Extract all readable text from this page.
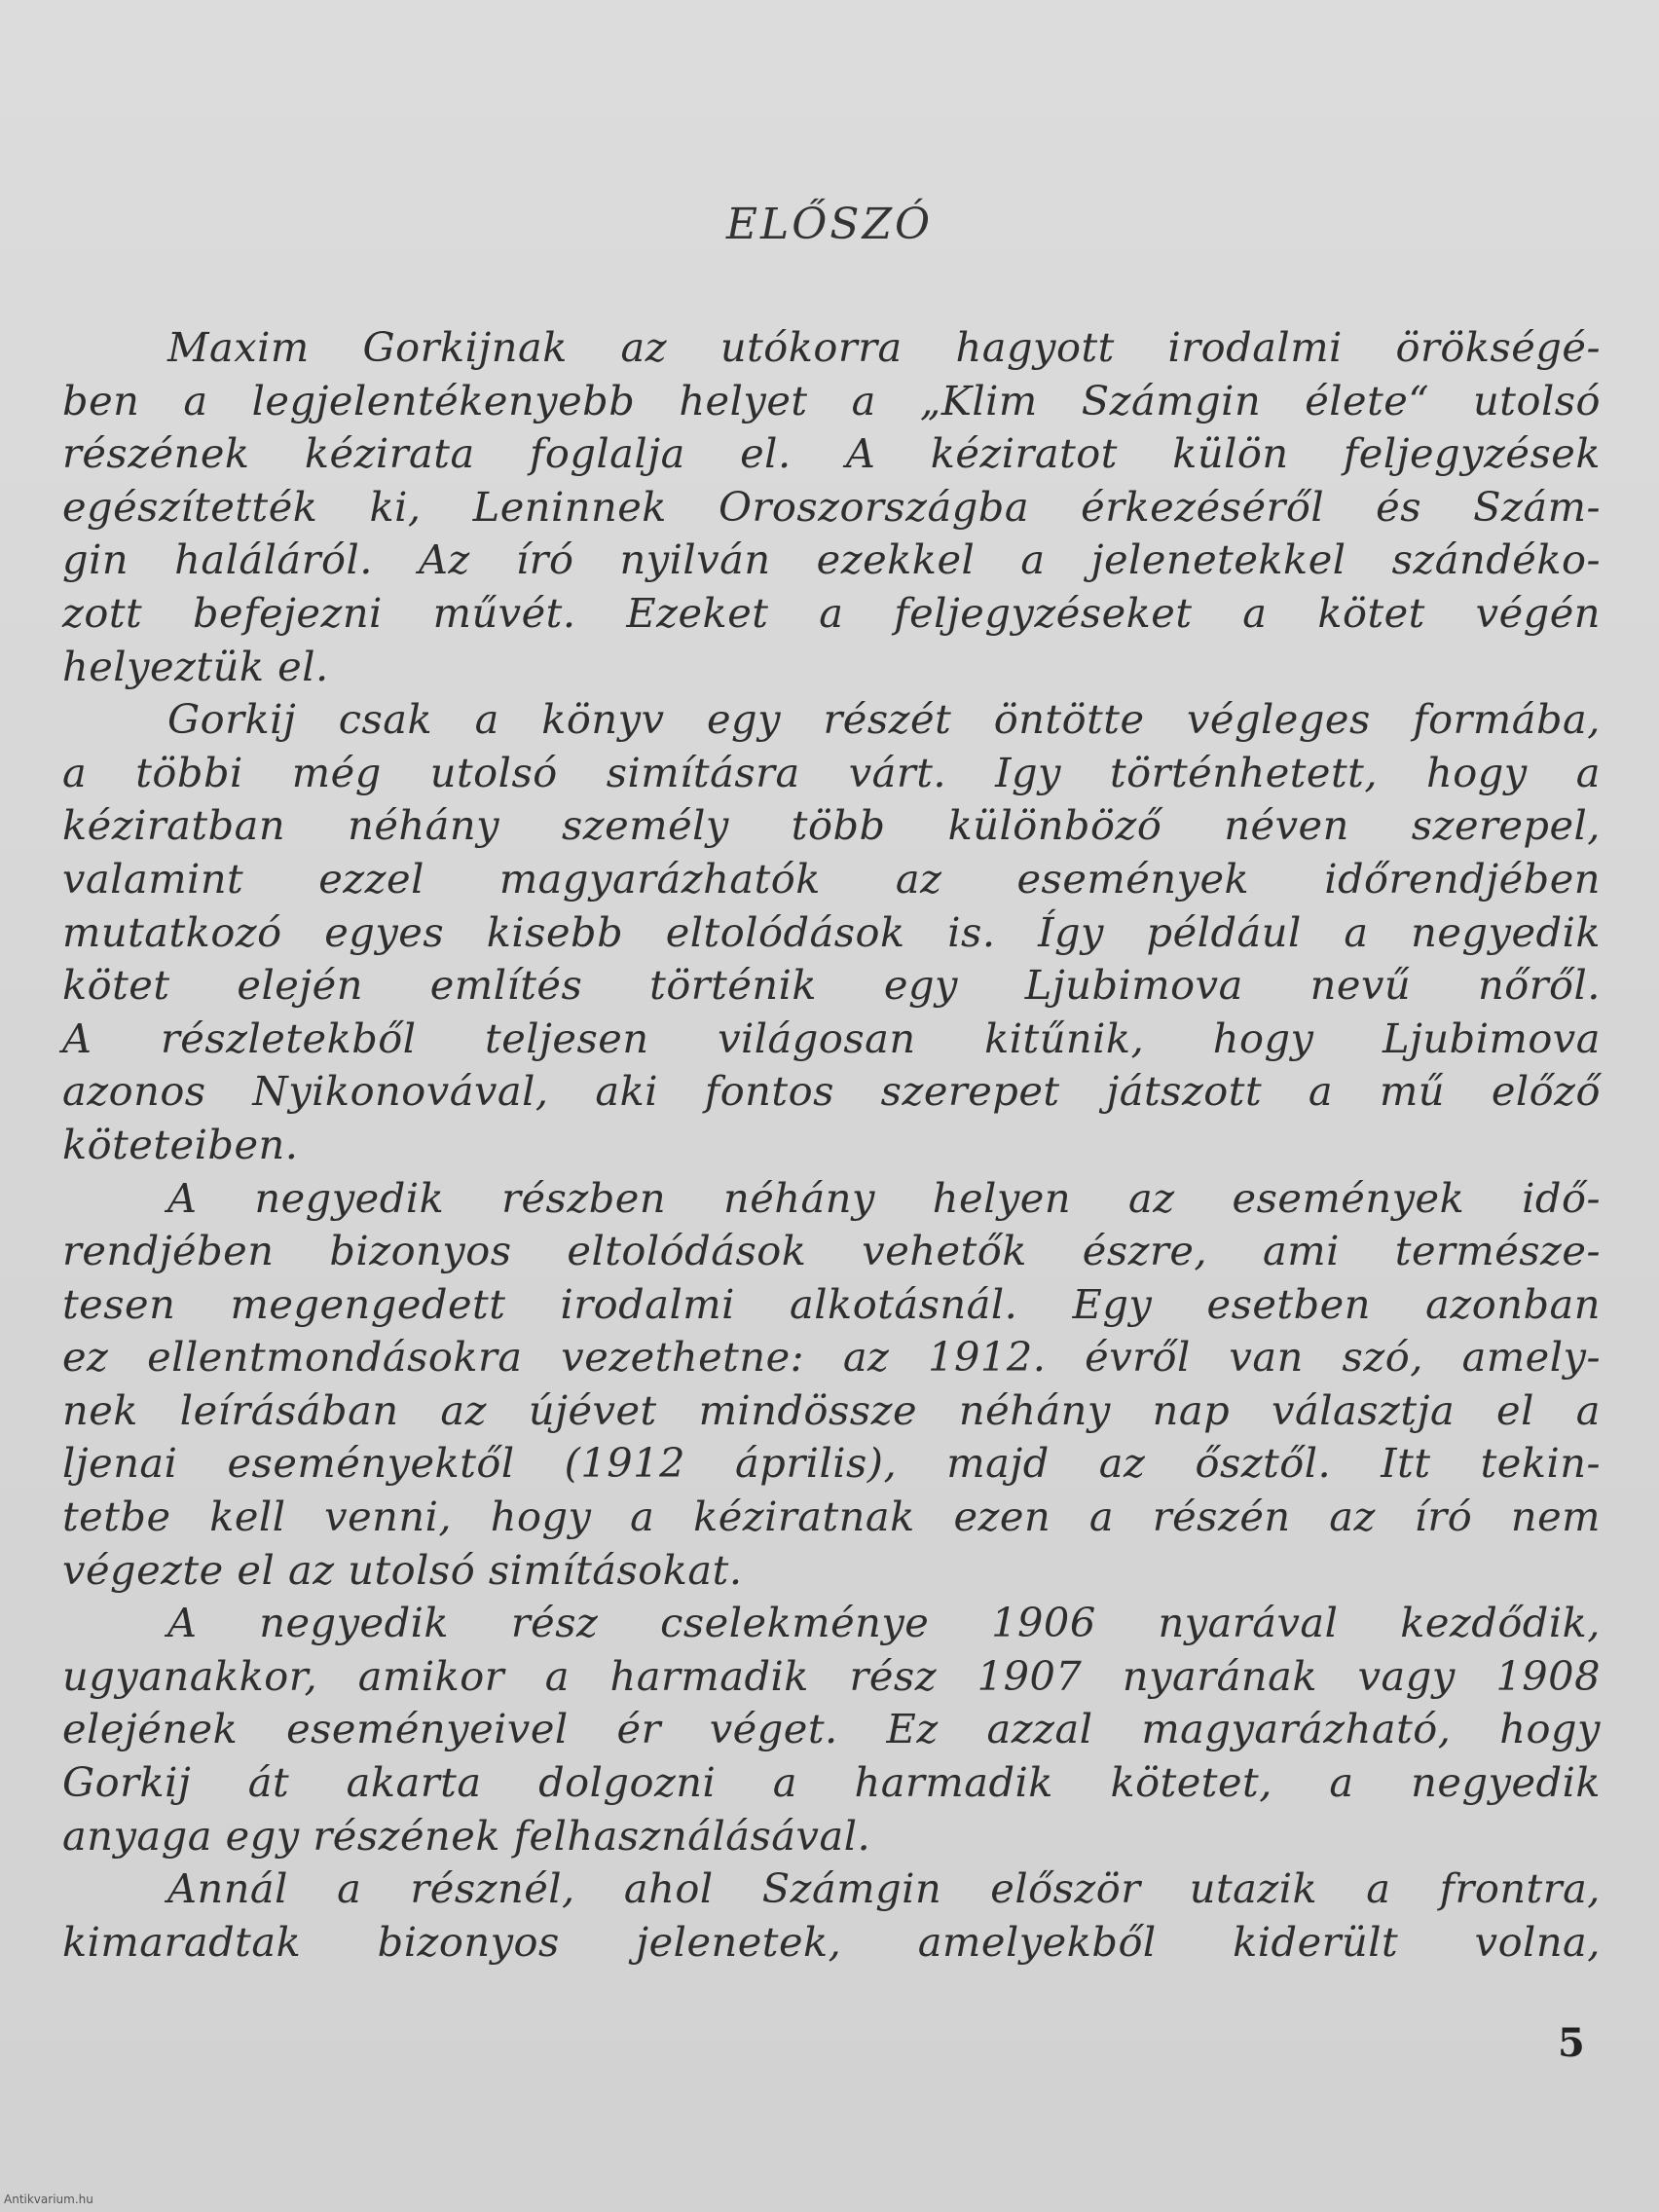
ELŐSZÓ
Maxim Gorkijnak az utókorra hagyott irodalmi örökségé-
ben a legjelentékenyebb helyet a „Klim Számgin élete“ utolsó
részének kézirata foglalja el. A kéziratot külön feljegyzések
egészítették ki, Leninnek Oroszországba érkezéséről és Szám-
gin haláláról. Az író nyilván ezekkel a jelenetekkel szándéko-
zott befejezni művét. Ezeket a feljegyzéseket a kötet végén
helyeztük el.
Gorkij csak a könyv egy részét öntötte végleges formába,
a többi még utolsó simításra várt. Igy történhetett, hogy a
kéziratban néhány személy több különböző néven szerepel,
valamint ezzel magyarázhatók az események időrendjében
mutatkozó egyes kisebb eltolódások is. Így például a negyedik
kötet elején említés történik egy Ljubimova nevű nőről.
A részletekből teljesen világosan kitűnik, hogy Ljubimova
azonos Nyikonovával, aki fontos szerepet játszott a mű előző
köteteiben.
A negyedik részben néhány helyen az események idő-
rendjében bizonyos eltolódások vehetők észre, ami természe-
tesen megengedett irodalmi alkotásnál. Egy esetben azonban
ez ellentmondásokra vezethetne: az 1912. évről van szó, amely-
nek leírásában az újévet mindössze néhány nap választja el a
ljenai eseményektől (1912 április), majd az ősztől. Itt tekin-
tetbe kell venni, hogy a kéziratnak ezen a részén az író nem
végezte el az utolsó simításokat.
A negyedik rész cselekménye 1906 nyarával kezdődik,
ugyanakkor, amikor a harmadik rész 1907 nyarának vagy 1908
elejének eseményeivel ér véget. Ez azzal magyarázható, hogy
Gorkij át akarta dolgozni a harmadik kötetet, a negyedik
anyaga egy részének felhasználásával.
Annál a résznél, ahol Számgin először utazik a frontra,
kimaradtak bizonyos jelenetek, amelyekből kiderült volna,
5
Antikvarium.hu
